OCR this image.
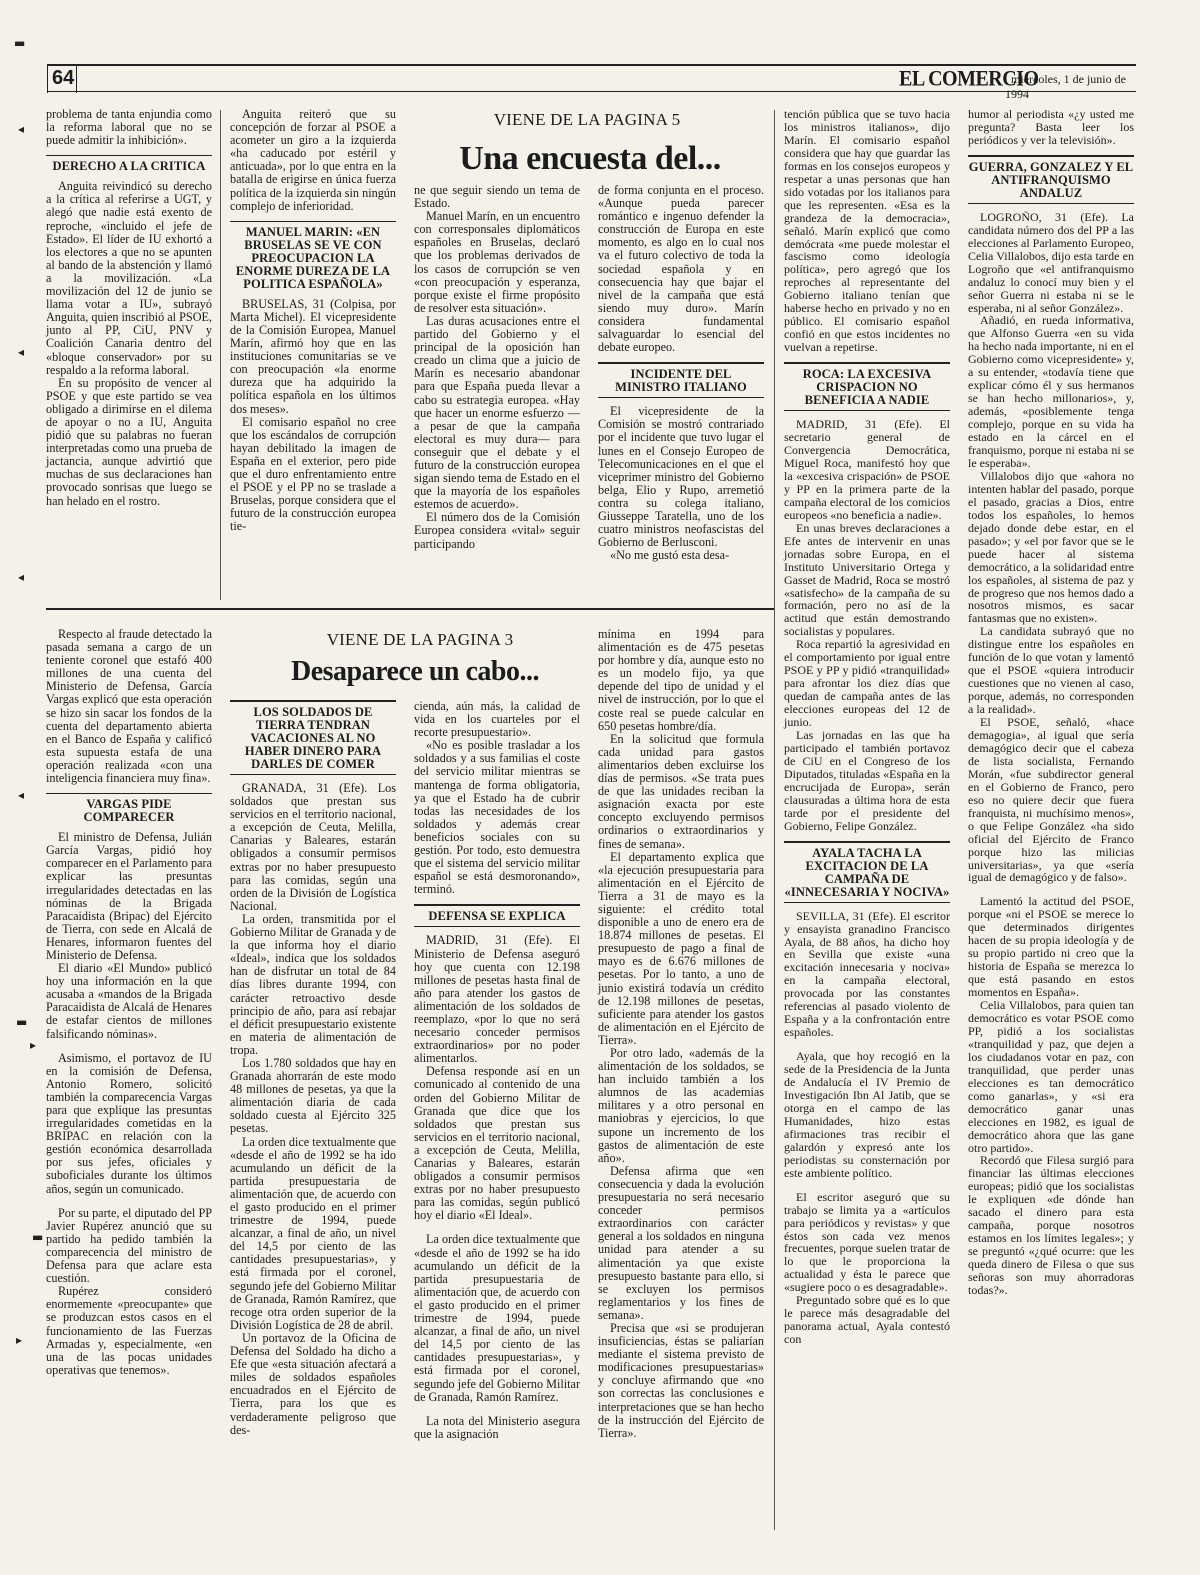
▬
◂
◂
◂
◂
▬
▸
▬
▸
64	EL COMERCIO
. miércoles, 1 de junio de 1994
VIENE DE LA PAGINA 5
Una encuesta del...

problema de tanta enjundia como la reforma laboral que no se puede admitir la inhibición».

DERECHO A LA CRITICA

Anguita reivindicó su derecho a la crítica al referirse a UGT, y alegó que nadie está exento de reproche, «incluido el jefe de Estado». El líder de IU exhortó a los electores a que no se apunten al bando de la abstención y llamó a la movilización. «La movilización del 12 de junio se llama votar a IU», subrayó Anguita, quien inscribió al PSOE, junto al PP, CiU, PNV y Coalición Canaria dentro del «bloque conservador» por su respaldo a la reforma laboral.

En su propósito de vencer al PSOE y que este partido se vea obligado a dirimirse en el dilema de apoyar o no a IU, Anguita pidió que su palabras no fueran interpretadas como una prueba de jactancia, aunque advirtió que muchas de sus declaraciones han provocado sonrisas que luego se han helado en el rostro.

Anguita reiteró que su concepción de forzar al PSOE a acometer un giro a la izquierda «ha caducado por estéril y anticuada», por lo que entra en la batalla de erigirse en única fuerza política de la izquierda sin ningún complejo de inferioridad.

MANUEL MARIN: «EN BRUSELAS SE VE CON PREOCUPACION LA ENORME DUREZA DE LA POLITICA ESPAÑOLA»

BRUSELAS, 31 (Colpisa, por Marta Michel). El vicepresidente de la Comisión Europea, Manuel Marín, afirmó hoy que en las instituciones comunitarias se ve con preocupación «la enorme dureza que ha adquirido la política española en los últimos dos meses».

El comisario español no cree que los escándalos de corrupción hayan debilitado la imagen de España en el exterior, pero pide que el duro enfrentamiento entre el PSOE y el PP no se traslade a Bruselas, porque considera que el futuro de la construcción europea tie-

ne que seguir siendo un tema de Estado.

Manuel Marín, en un encuentro con corresponsales diplomáticos españoles en Bruselas, declaró que los problemas derivados de los casos de corrupción se ven «con preocupación y esperanza, porque existe el firme propósito de resolver esta situación».

Las duras acusaciones entre el partido del Gobierno y el principal de la oposición han creado un clima que a juicio de Marín es necesario abandonar para que España pueda llevar a cabo su estrategia europea. «Hay que hacer un enorme esfuerzo —a pesar de que la campaña electoral es muy dura— para conseguir que el debate y el futuro de la construcción europea sigan siendo tema de Estado en el que la mayoría de los españoles estemos de acuerdo».

El número dos de la Comisión Europea considera «vital» seguir participando

de forma conjunta en el proceso. «Aunque pueda parecer romántico e ingenuo defender la construcción de Europa en este momento, es algo en lo cual nos va el futuro colectivo de toda la sociedad española y en consecuencia hay que bajar el nivel de la campaña que está siendo muy duro». Marín considera fundamental salvaguardar lo esencial del debate europeo.

INCIDENTE DEL MINISTRO ITALIANO

El vicepresidente de la Comisión se mostró contrariado por el incidente que tuvo lugar el lunes en el Consejo Europeo de Telecomunicaciones en el que el viceprimer ministro del Gobierno belga, Elio y Rupo, arremetió contra su colega italiano, Giusseppe Taratella, uno de los cuatro ministros neofascistas del Gobierno de Berlusconi.

«No me gustó esta desa-

tención pública que se tuvo hacia los ministros italianos», dijo Marín. El comisario español considera que hay que guardar las formas en los consejos europeos y respetar a unas personas que han sido votadas por los italianos para que les representen. «Esa es la grandeza de la democracia», señaló. Marín explicó que como demócrata «me puede molestar el fascismo como ideología política», pero agregó que los reproches al representante del Gobierno italiano tenían que haberse hecho en privado y no en público. El comisario español confió en que estos incidentes no vuelvan a repetirse.

ROCA: LA EXCESIVA CRISPACION NO BENEFICIA A NADIE

MADRID, 31 (Efe). El secretario general de Convergencia Democrática, Miguel Roca, manifestó hoy que la «excesiva crispación» de PSOE y PP en la primera parte de la campaña electoral de los comicios europeos «no beneficia a nadie».

En unas breves declaraciones a Efe antes de intervenir en unas jornadas sobre Europa, en el Instituto Universitario Ortega y Gasset de Madrid, Roca se mostró «satisfecho» de la campaña de su formación, pero no así de la actitud que están demostrando socialistas y populares.

Roca repartió la agresividad en el comportamiento por igual entre PSOE y PP y pidió «tranquilidad» para afrontar los diez días que quedan de campaña antes de las elecciones europeas del 12 de junio.

Las jornadas en las que ha participado el también portavoz de CiU en el Congreso de los Diputados, tituladas «España en la encrucijada de Europa», serán clausuradas a última hora de esta tarde por el presidente del Gobierno, Felipe González.

AYALA TACHA LA EXCITACION DE LA CAMPAÑA DE «INNECESARIA Y NOCIVA»

SEVILLA, 31 (Efe). El escritor y ensayista granadino Francisco Ayala, de 88 años, ha dicho hoy en Sevilla que existe «una excitación innecesaria y nociva» en la campaña electoral, provocada por las constantes referencias al pasado violento de España y a la confrontación entre españoles.

Ayala, que hoy recogió en la sede de la Presidencia de la Junta de Andalucía el IV Premio de Investigación Ibn Al Jatib, que se otorga en el campo de las Humanidades, hizo estas afirmaciones tras recibir el galardón y expresó ante los periodistas su consternación por este ambiente político.

El escritor aseguró que su trabajo se limita ya a «artículos para periódicos y revistas» y que éstos son cada vez menos frecuentes, porque suelen tratar de lo que le proporciona la actualidad y ésta le parece que «sugiere poco o es desagradable».

Preguntado sobre qué es lo que le parece más desagradable del panorama actual, Ayala contestó con

humor al periodista «¿y usted me pregunta? Basta leer los periódicos y ver la televisión».

GUERRA, GONZALEZ Y EL ANTIFRANQUISMO ANDALUZ

LOGROÑO, 31 (Efe). La candidata número dos del PP a las elecciones al Parlamento Europeo, Celia Villalobos, dijo esta tarde en Logroño que «el antifranquismo andaluz lo conocí muy bien y el señor Guerra ni estaba ni se le esperaba, ni al señor González».

Añadió, en rueda informativa, que Alfonso Guerra «en su vida ha hecho nada importante, ni en el Gobierno como vicepresidente» y, a su entender, «todavía tiene que explicar cómo él y sus hermanos se han hecho millonarios», y, además, «posiblemente tenga complejo, porque en su vida ha estado en la cárcel en el franquismo, porque ni estaba ni se le esperaba».

Villalobos dijo que «ahora no intenten hablar del pasado, porque el pasado, gracias a Dios, entre todos los españoles, lo hemos dejado donde debe estar, en el pasado»; y «el por favor que se le puede hacer al sistema democrático, a la solidaridad entre los españoles, al sistema de paz y de progreso que nos hemos dado a nosotros mismos, es sacar fantasmas que no existen».

La candidata subrayó que no distingue entre los españoles en función de lo que votan y lamentó que el PSOE «quiera introducir cuestiones que no vienen al caso, porque, además, no corresponden a la realidad».

El PSOE, señaló, «hace demagogia», al igual que sería demagógico decir que el cabeza de lista socialista, Fernando Morán, «fue subdirector general en el Gobierno de Franco, pero eso no quiere decir que fuera franquista, ni muchísimo menos», o que Felipe González «ha sido oficial del Ejército de Franco porque hizo las milicias universitarias», ya que «sería igual de demagógico y de falso».

Lamentó la actitud del PSOE, porque «ni el PSOE se merece lo que determinados dirigentes hacen de su propia ideología y de su propio partido ni creo que la historia de España se merezca lo que está pasando en estos momentos en España».

Celia Villalobos, para quien tan democrático es votar PSOE como PP, pidió a los socialistas «tranquilidad y paz, que dejen a los ciudadanos votar en paz, con tranquilidad, que perder unas elecciones es tan democrático como ganarlas», y «si era democrático ganar unas elecciones en 1982, es igual de democrático ahora que las gane otro partido».

Recordó que Filesa surgió para financiar las últimas elecciones europeas; pidió que los socialistas le expliquen «de dónde han sacado el dinero para esta campaña, porque nosotros estamos en los límites legales»; y se preguntó «¿qué ocurre: que les queda dinero de Filesa o que sus señoras son muy ahorradoras todas?».

VIENE DE LA PAGINA 3
Desaparece un cabo...

Respecto al fraude detectado la pasada semana a cargo de un teniente coronel que estafó 400 millones de una cuenta del Ministerio de Defensa, García Vargas explicó que esta operación se hizo sin sacar los fondos de la cuenta del departamento abierta en el Banco de España y calificó esta supuesta estafa de una operación realizada «con una inteligencia financiera muy fina».

VARGAS PIDE COMPARECER

El ministro de Defensa, Julián García Vargas, pidió hoy comparecer en el Parlamento para explicar las presuntas irregularidades detectadas en las nóminas de la Brigada Paracaidista (Bripac) del Ejército de Tierra, con sede en Alcalá de Henares, informaron fuentes del Ministerio de Defensa.

El diario «El Mundo» publicó hoy una información en la que acusaba a «mandos de la Brigada Paracaidista de Alcalá de Henares de estafar cientos de millones falsificando nóminas».

Asimismo, el portavoz de IU en la comisión de Defensa, Antonio Romero, solicitó también la comparecencia Vargas para que explique las presuntas irregularidades cometidas en la BRIPAC en relación con la gestión económica desarrollada por sus jefes, oficiales y suboficiales durante los últimos años, según un comunicado.

Por su parte, el diputado del PP Javier Rupérez anunció que su partido ha pedido también la comparecencia del ministro de Defensa para que aclare esta cuestión.

Rupérez consideró enormemente «preocupante» que se produzcan estos casos en el funcionamiento de las Fuerzas Armadas y, especialmente, «en una de las pocas unidades operativas que tenemos».

LOS SOLDADOS DE TIERRA TENDRAN VACACIONES AL NO HABER DINERO PARA DARLES DE COMER

GRANADA, 31 (Efe). Los soldados que prestan sus servicios en el territorio nacional, a excepción de Ceuta, Melilla, Canarias y Baleares, estarán obligados a consumir permisos extras por no haber presupuesto para las comidas, según una orden de la División de Logística Nacional.

La orden, transmitida por el Gobierno Militar de Granada y de la que informa hoy el diario «Ideal», indica que los soldados han de disfrutar un total de 84 días libres durante 1994, con carácter retroactivo desde principio de año, para así rebajar el déficit presupuestario existente en materia de alimentación de tropa.

Los 1.780 soldados que hay en Granada ahorrarán de este modo 48 millones de pesetas, ya que la alimentación diaria de cada soldado cuesta al Ejército 325 pesetas.

La orden dice textualmente que «desde el año de 1992 se ha ido acumulando un déficit de la partida presupuestaria de alimentación que, de acuerdo con el gasto producido en el primer trimestre de 1994, puede alcanzar, a final de año, un nivel del 14,5 por ciento de las cantidades presupuestarias», y está firmada por el coronel, segundo jefe del Gobierno Militar de Granada, Ramón Ramírez, que recoge otra orden superior de la División Logística de 28 de abril.

Un portavoz de la Oficina de Defensa del Soldado ha dicho a Efe que «esta situación afectará a miles de soldados españoles encuadrados en el Ejército de Tierra, para los que es verdaderamente peligroso que des-

cienda, aún más, la calidad de vida en los cuarteles por el recorte presupuestario».

«No es posible trasladar a los soldados y a sus familias el coste del servicio militar mientras se mantenga de forma obligatoria, ya que el Estado ha de cubrir todas las necesidades de los soldados y además crear beneficios sociales con su gestión. Por todo, esto demuestra que el sistema del servicio militar español se está desmoronando», terminó.

DEFENSA SE EXPLICA

MADRID, 31 (Efe). El Ministerio de Defensa aseguró hoy que cuenta con 12.198 millones de pesetas hasta final de año para atender los gastos de alimentación de los soldados de reemplazo, «por lo que no será necesario conceder permisos extraordinarios» por no poder alimentarlos.

Defensa responde así en un comunicado al contenido de una orden del Gobierno Militar de Granada que dice que los soldados que prestan sus servicios en el territorio nacional, a excepción de Ceuta, Melilla, Canarias y Baleares, estarán obligados a consumir permisos extras por no haber presupuesto para las comidas, según publicó hoy el diario «El Ideal».

La orden dice textualmente que «desde el año de 1992 se ha ido acumulando un déficit de la partida presupuestaria de alimentación que, de acuerdo con el gasto producido en el primer trimestre de 1994, puede alcanzar, a final de año, un nivel del 14,5 por ciento de las cantidades presupuestarias», y está firmada por el coronel, segundo jefe del Gobierno Militar de Granada, Ramón Ramírez.

La nota del Ministerio asegura que la asignación

mínima en 1994 para alimentación es de 475 pesetas por hombre y día, aunque esto no es un modelo fijo, ya que depende del tipo de unidad y el nivel de instrucción, por lo que el coste real se puede calcular en 650 pesetas hombre/día.

En la solicitud que formula cada unidad para gastos alimentarios deben excluirse los días de permisos. «Se trata pues de que las unidades reciban la asignación exacta por este concepto excluyendo permisos ordinarios o extraordinarios y fines de semana».

El departamento explica que «la ejecución presupuestaria para alimentación en el Ejército de Tierra a 31 de mayo es la siguiente: el crédito total disponible a uno de enero era de 18.874 millones de pesetas. El presupuesto de pago a final de mayo es de 6.676 millones de pesetas. Por lo tanto, a uno de junio existirá todavía un crédito de 12.198 millones de pesetas, suficiente para atender los gastos de alimentación en el Ejército de Tierra».

Por otro lado, «además de la alimentación de los soldados, se han incluido también a los alumnos de las academias militares y a otro personal en maniobras y ejercicios, lo que supone un incremento de los gastos de alimentación de este año».

Defensa afirma que «en consecuencia y dada la evolución presupuestaria no será necesario conceder permisos extraordinarios con carácter general a los soldados en ninguna unidad para atender a su alimentación ya que existe presupuesto bastante para ello, si se excluyen los permisos reglamentarios y los fines de semana».

Precisa que «si se produjeran insuficiencias, éstas se paliarían mediante el sistema previsto de modificaciones presupuestarias» y concluye afirmando que «no son correctas las conclusiones e interpretaciones que se han hecho de la instrucción del Ejército de Tierra».
